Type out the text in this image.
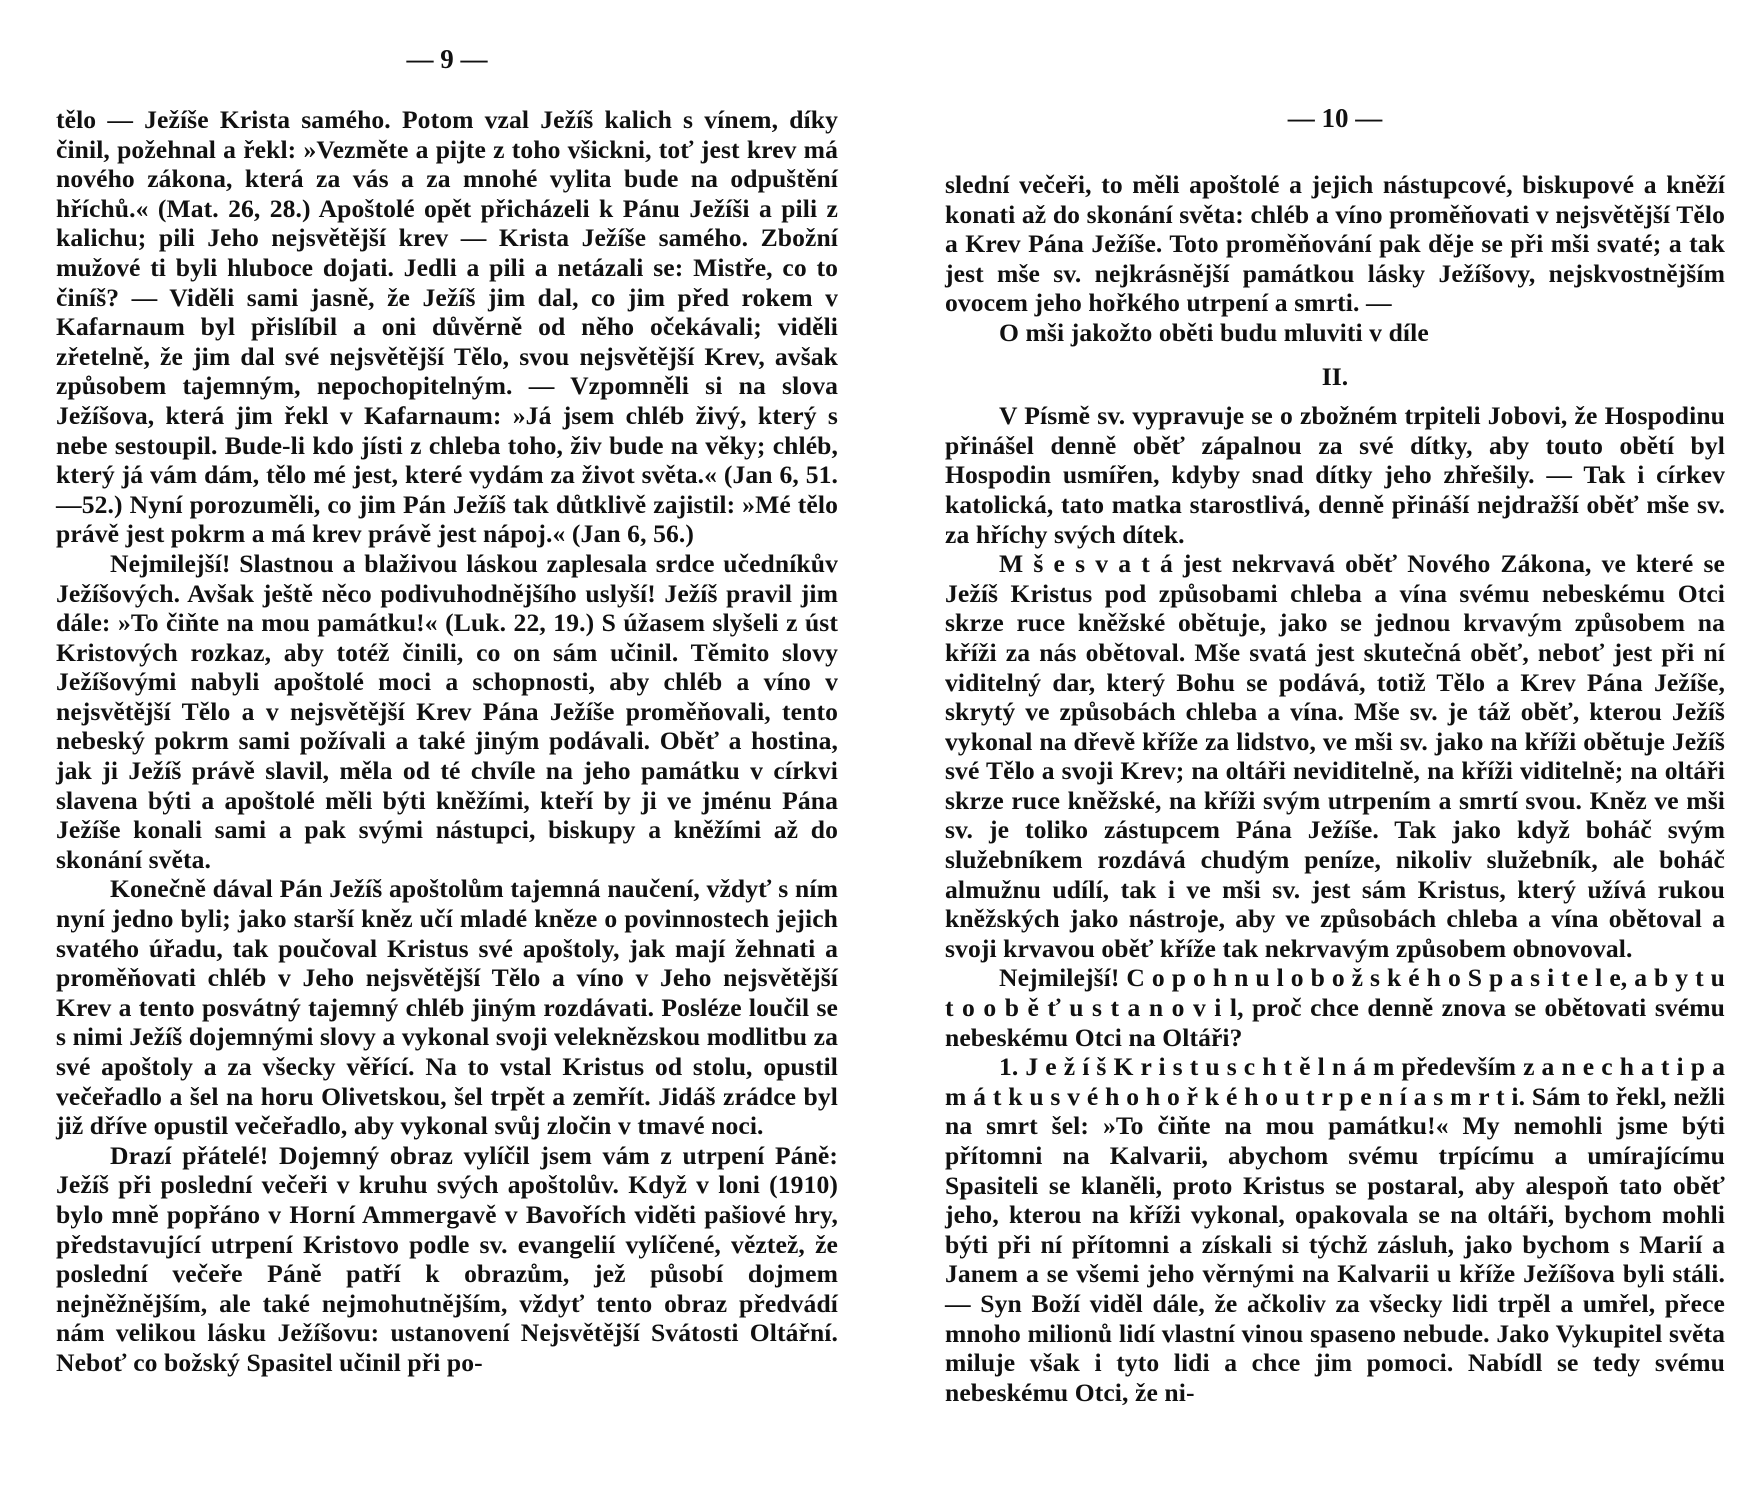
— 9 —

tělo — Ježíše Krista samého. Potom vzal Ježíš kalich s vínem, díky činil, požehnal a řekl: »Vezměte a pijte z toho všickni, toť jest krev má nového zákona, která za vás a za mnohé vylita bude na odpuštění hříchů.« (Mat. 26, 28.) Apoštolé opět přicházeli k Pánu Ježíši a pili z kalichu; pili Jeho nejsvětější krev — Krista Ježíše samého. Zbožní mužové ti byli hluboce dojati. Jedli a pili a netázali se: Mistře, co to činíš? — Viděli sami jasně, že Ježíš jim dal, co jim před rokem v Kafarnaum byl přislíbil a oni důvěrně od něho očekávali; viděli zřetelně, že jim dal své nejsvětější Tělo, svou nejsvětější Krev, avšak způsobem tajemným, nepochopitelným. — Vzpomněli si na slova Ježíšova, která jim řekl v Kafarnaum: »Já jsem chléb živý, který s nebe sestoupil. Bude-li kdo jísti z chleba toho, živ bude na věky; chléb, který já vám dám, tělo mé jest, které vydám za život světa.« (Jan 6, 51.—52.) Nyní porozuměli, co jim Pán Ježíš tak důtklivě zajistil: »Mé tělo právě jest pokrm a má krev právě jest nápoj.« (Jan 6, 56.)

Nejmilejší! Slastnou a blaživou láskou zaplesala srdce učedníkův Ježíšových. Avšak ještě něco podivuhodnějšího uslyší! Ježíš pravil jim dále: »To čiňte na mou památku!« (Luk. 22, 19.) S úžasem slyšeli z úst Kristových rozkaz, aby totéž činili, co on sám učinil. Těmito slovy Ježíšovými nabyli apoštolé moci a schopnosti, aby chléb a víno v nejsvětější Tělo a v nejsvětější Krev Pána Ježíše proměňovali, tento nebeský pokrm sami požívali a také jiným podávali. Oběť a hostina, jak ji Ježíš právě slavil, měla od té chvíle na jeho památku v církvi slavena býti a apoštolé měli býti kněžími, kteří by ji ve jménu Pána Ježíše konali sami a pak svými nástupci, biskupy a kněžími až do skonání světa.

Konečně dával Pán Ježíš apoštolům tajemná naučení, vždyť s ním nyní jedno byli; jako starší kněz učí mladé kněze o povinnostech jejich svatého úřadu, tak poučoval Kristus své apoštoly, jak mají žehnati a proměňovati chléb v Jeho nejsvětější Tělo a víno v Jeho nejsvětější Krev a tento posvátný tajemný chléb jiným rozdávati. Posléze loučil se s nimi Ježíš dojemnými slovy a vykonal svoji veleknězskou modlitbu za své apoštoly a za všecky věřící. Na to vstal Kristus od stolu, opustil večeřadlo a šel na horu Olivetskou, šel trpět a zemřít. Jidáš zrádce byl již dříve opustil večeřadlo, aby vykonal svůj zločin v tmavé noci.

Drazí přátelé! Dojemný obraz vylíčil jsem vám z utrpení Páně: Ježíš při poslední večeři v kruhu svých apoštolův. Když v loni (1910) bylo mně popřáno v Horní Ammergavě v Bavořích viděti pašiové hry, představující utrpení Kristovo podle sv. evangelií vylíčené, věztež, že poslední večeře Páně patří k obrazům, jež působí dojmem nejněžnějším, ale také nejmohutnějším, vždyť tento obraz předvádí nám velikou lásku Ježíšovu: ustanovení Nejsvětější Svátosti Oltářní. Neboť co božský Spasitel učinil při po-

— 10 —

slední večeři, to měli apoštolé a jejich nástupcové, biskupové a kněží konati až do skonání světa: chléb a víno proměňovati v nejsvětější Tělo a Krev Pána Ježíše. Toto proměňování pak děje se při mši svaté; a tak jest mše sv. nejkrásnější památkou lásky Ježíšovy, nejskvostnějším ovocem jeho hořkého utrpení a smrti. —

O mši jakožto oběti budu mluviti v díle

II.

V Písmě sv. vypravuje se o zbožném trpiteli Jobovi, že Hospodinu přinášel denně oběť zápalnou za své dítky, aby touto obětí byl Hospodin usmířen, kdyby snad dítky jeho zhřešily. — Tak i církev katolická, tato matka starostlivá, denně přináší nejdražší oběť mše sv. za hříchy svých dítek.

M š e s v a t á jest nekrvavá oběť Nového Zákona, ve které se Ježíš Kristus pod způsobami chleba a vína svému nebeskému Otci skrze ruce kněžské obětuje, jako se jednou krvavým způsobem na kříži za nás obětoval. Mše svatá jest skutečná oběť, neboť jest při ní viditelný dar, který Bohu se podává, totiž Tělo a Krev Pána Ježíše, skrytý ve způsobách chleba a vína. Mše sv. je táž oběť, kterou Ježíš vykonal na dřevě kříže za lidstvo, ve mši sv. jako na kříži obětuje Ježíš své Tělo a svoji Krev; na oltáři neviditelně, na kříži viditelně; na oltáři skrze ruce kněžské, na kříži svým utrpením a smrtí svou. Kněz ve mši sv. je toliko zástupcem Pána Ježíše. Tak jako když boháč svým služebníkem rozdává chudým peníze, nikoliv služebník, ale boháč almužnu udílí, tak i ve mši sv. jest sám Kristus, který užívá rukou kněžských jako nástroje, aby ve způsobách chleba a vína obětoval a svoji krvavou oběť kříže tak nekrvavým způsobem obnovoval.

Nejmilejší! C o p o h n u l o b o ž s k é h o S p a s i t e l e, a b y t u t o o b ě ť u s t a n o v i l, proč chce denně znova se obětovati svému nebeskému Otci na Oltáři?

1. J e ž í š K r i s t u s c h t ě l n á m především z a n e c h a t i p a m á t k u s v é h o h o ř k é h o u t r p e n í a s m r t i. Sám to řekl, nežli na smrt šel: »To čiňte na mou památku!« My nemohli jsme býti přítomni na Kalvarii, abychom svému trpícímu a umírajícímu Spasiteli se klaněli, proto Kristus se postaral, aby alespoň tato oběť jeho, kterou na kříži vykonal, opakovala se na oltáři, bychom mohli býti při ní přítomni a získali si týchž zásluh, jako bychom s Marií a Janem a se všemi jeho věrnými na Kalvarii u kříže Ježíšova byli stáli. — Syn Boží viděl dále, že ačkoliv za všecky lidi trpěl a umřel, přece mnoho milionů lidí vlastní vinou spaseno nebude. Jako Vykupitel světa miluje však i tyto lidi a chce jim pomoci. Nabídl se tedy svému nebeskému Otci, že ni-
